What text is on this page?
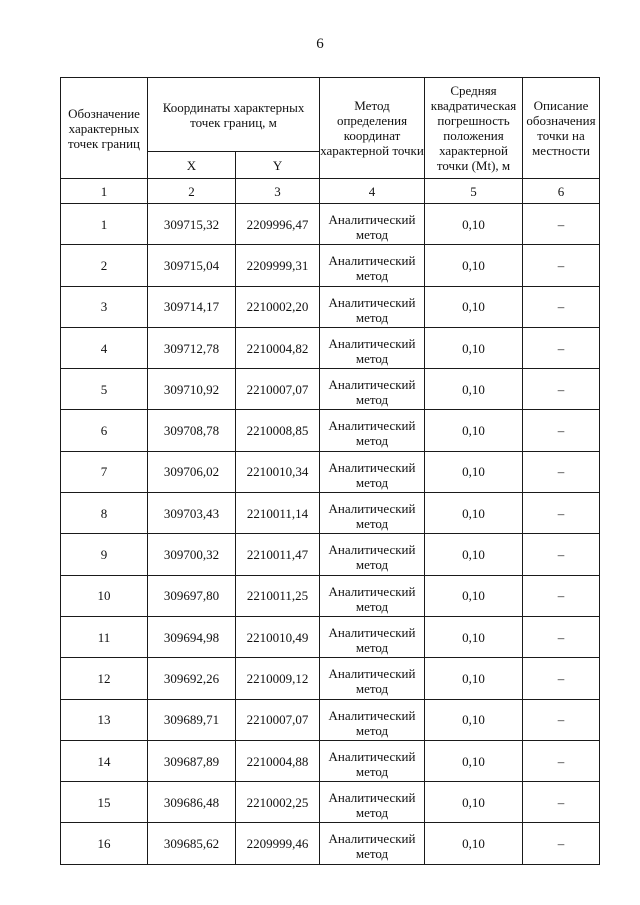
6
Обозначение характерных точек границ	Координаты характерных точек границ, м		Метод определения координат характерной точки	Средняя квадратическая погрешность положения характерной точки (Mt), м	Описание обозначения точки на местности
	X	Y			
1	2	3	4	5	6
1	309715,32	2209996,47	Аналитический метод	0,10	–
2	309715,04	2209999,31	Аналитический метод	0,10	–
3	309714,17	2210002,20	Аналитический метод	0,10	–
4	309712,78	2210004,82	Аналитический метод	0,10	–
5	309710,92	2210007,07	Аналитический метод	0,10	–
6	309708,78	2210008,85	Аналитический метод	0,10	–
7	309706,02	2210010,34	Аналитический метод	0,10	–
8	309703,43	2210011,14	Аналитический метод	0,10	–
9	309700,32	2210011,47	Аналитический метод	0,10	–
10	309697,80	2210011,25	Аналитический метод	0,10	–
11	309694,98	2210010,49	Аналитический метод	0,10	–
12	309692,26	2210009,12	Аналитический метод	0,10	–
13	309689,71	2210007,07	Аналитический метод	0,10	–
14	309687,89	2210004,88	Аналитический метод	0,10	–
15	309686,48	2210002,25	Аналитический метод	0,10	–
16	309685,62	2209999,46	Аналитический метод	0,10	–
